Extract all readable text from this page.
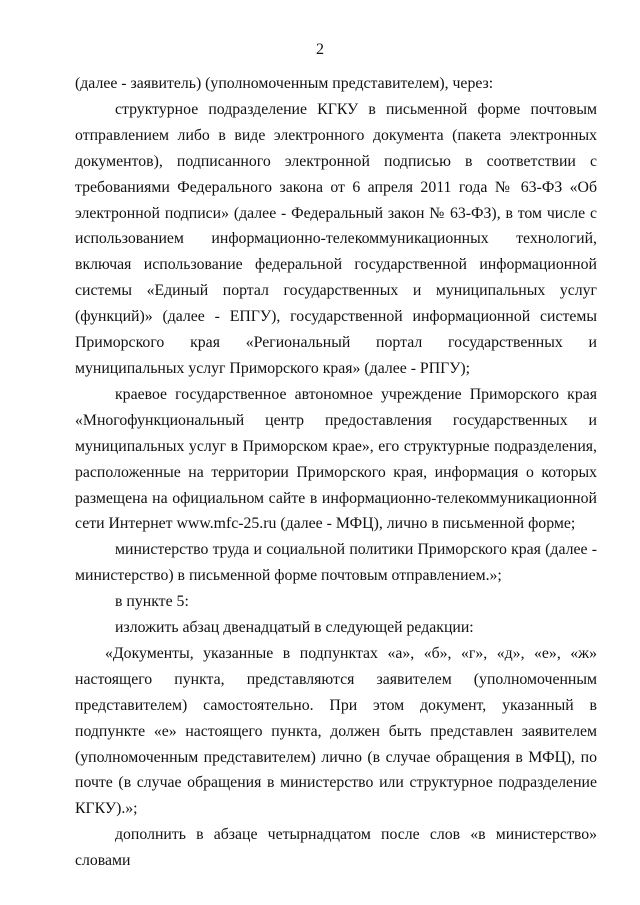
2

(далее - заявитель) (уполномоченным представителем), через:

структурное подразделение КГКУ в письменной форме почтовым отправлением либо в виде электронного документа (пакета электронных документов), подписанного электронной подписью в соответствии с требованиями Федерального закона от 6 апреля 2011 года № 63-ФЗ «Об электронной подписи» (далее - Федеральный закон № 63-ФЗ), в том числе с использованием информационно-телекоммуникационных технологий, включая использование федеральной государственной информационной системы «Единый портал государственных и муниципальных услуг (функций)» (далее - ЕПГУ), государственной информационной системы Приморского края «Региональный портал государственных и муниципальных услуг Приморского края» (далее - РПГУ);

краевое государственное автономное учреждение Приморского края «Многофункциональный центр предоставления государственных и муниципальных услуг в Приморском крае», его структурные подразделения, расположенные на территории Приморского края, информация о которых размещена на официальном сайте в информационно-телекоммуникационной сети Интернет www.mfc-25.ru (далее - МФЦ), лично в письменной форме;

министерство труда и социальной политики Приморского края (далее - министерство) в письменной форме почтовым отправлением.»;

в пункте 5:

изложить абзац двенадцатый в следующей редакции:

«Документы, указанные в подпунктах «а», «б», «г», «д», «е», «ж» настоящего пункта, представляются заявителем (уполномоченным представителем) самостоятельно. При этом документ, указанный в подпункте «е» настоящего пункта, должен быть представлен заявителем (уполномоченным представителем) лично (в случае обращения в МФЦ), по почте (в случае обращения в министерство или структурное подразделение КГКУ).»;

дополнить в абзаце четырнадцатом после слов «в министерство» словами
